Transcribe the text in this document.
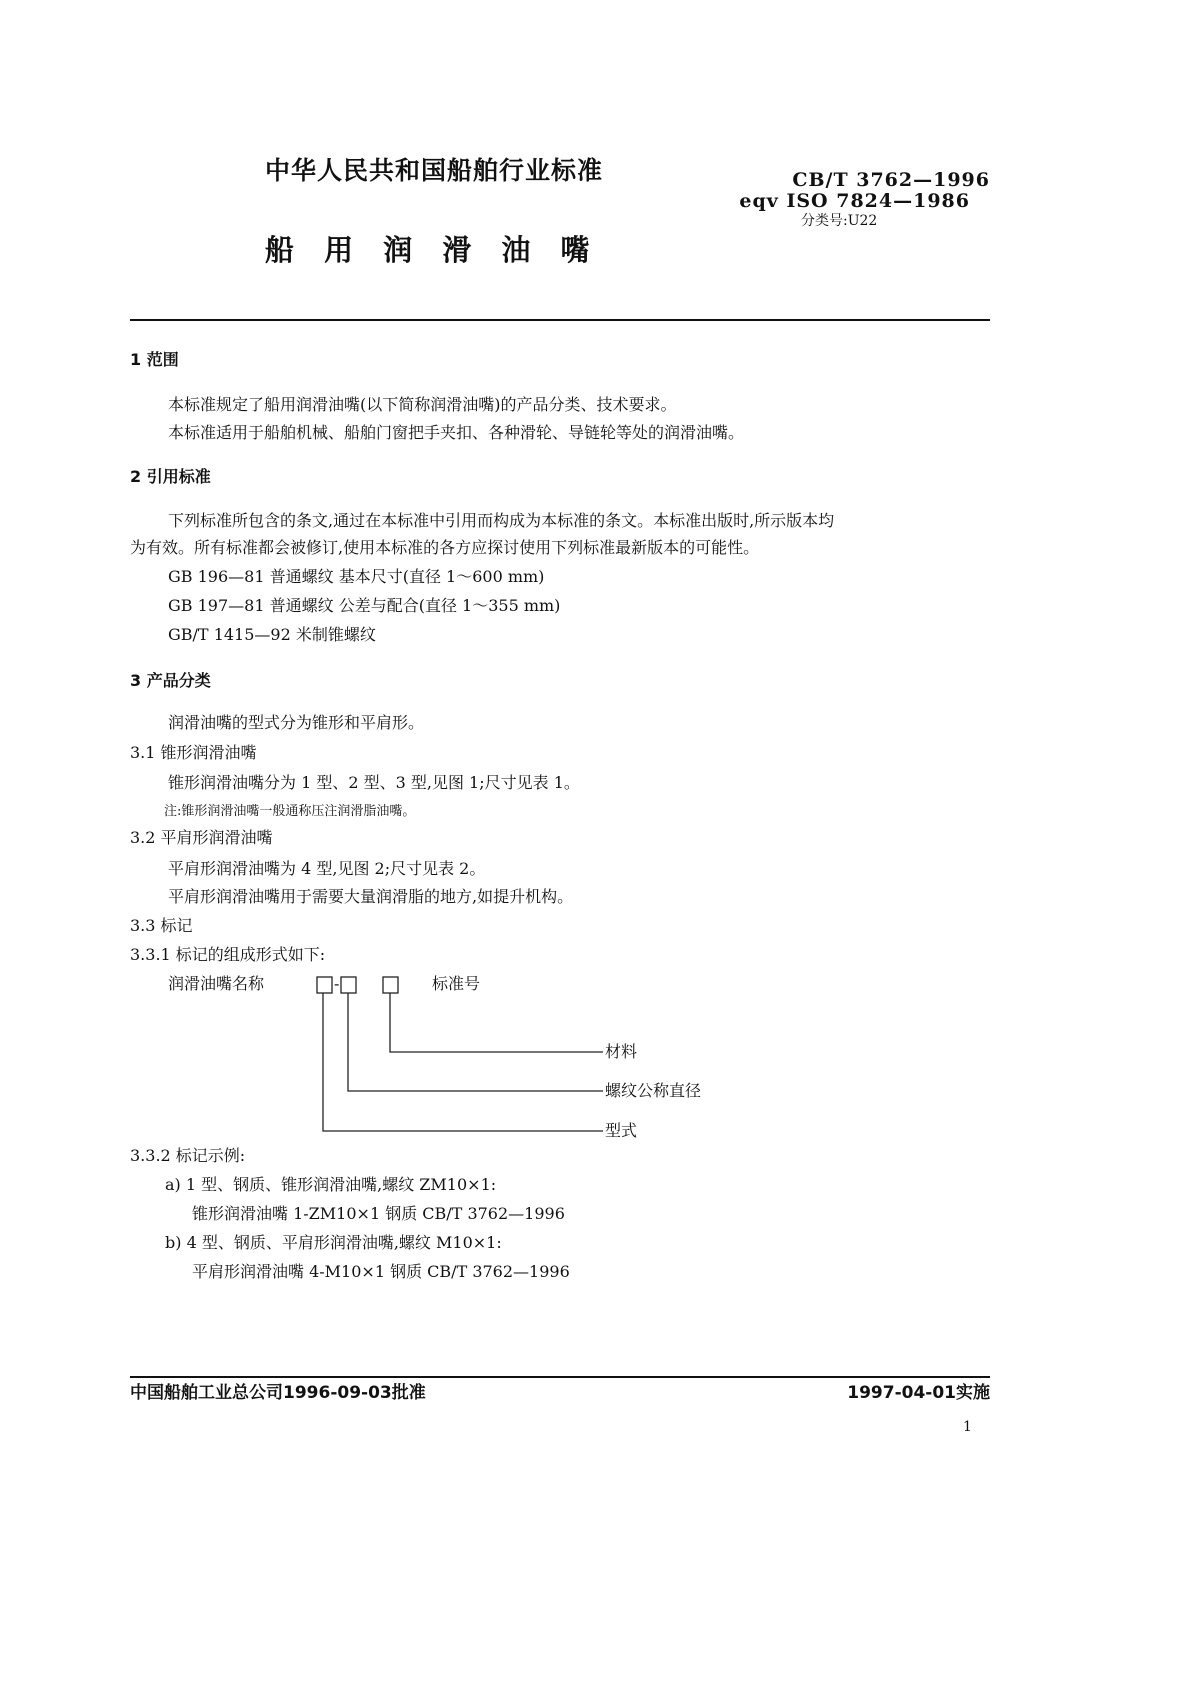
中华人民共和国船舶行业标准
船 用 润 滑 油 嘴
CB/T 3762—1996
eqv ISO 7824—1986
分类号:U22
1 范围
本标准规定了船用润滑油嘴(以下简称润滑油嘴)的产品分类、技术要求。
本标准适用于船舶机械、船舶门窗把手夹扣、各种滑轮、导链轮等处的润滑油嘴。
2 引用标准
下列标准所包含的条文,通过在本标准中引用而构成为本标准的条文。本标准出版时,所示版本均
为有效。所有标准都会被修订,使用本标准的各方应探讨使用下列标准最新版本的可能性。
GB 196—81 普通螺纹 基本尺寸(直径 1～600 mm)
GB 197—81 普通螺纹 公差与配合(直径 1～355 mm)
GB/T 1415—92 米制锥螺纹
3 产品分类
润滑油嘴的型式分为锥形和平肩形。
3.1 锥形润滑油嘴
锥形润滑油嘴分为 1 型、2 型、3 型,见图 1;尺寸见表 1。
注:锥形润滑油嘴一般通称压注润滑脂油嘴。
3.2 平肩形润滑油嘴
平肩形润滑油嘴为 4 型,见图 2;尺寸见表 2。
平肩形润滑油嘴用于需要大量润滑脂的地方,如提升机构。
3.3 标记
3.3.1 标记的组成形式如下:
润滑油嘴名称	-	标准号
材料
螺纹公称直径
型式
3.3.2 标记示例:
a) 1 型、钢质、锥形润滑油嘴,螺纹 ZM10×1:
锥形润滑油嘴 1-ZM10×1 钢质 CB/T 3762—1996
b) 4 型、钢质、平肩形润滑油嘴,螺纹 M10×1:
平肩形润滑油嘴 4-M10×1 钢质 CB/T 3762—1996
中国船舶工业总公司1996-09-03批准	1997-04-01实施
1
